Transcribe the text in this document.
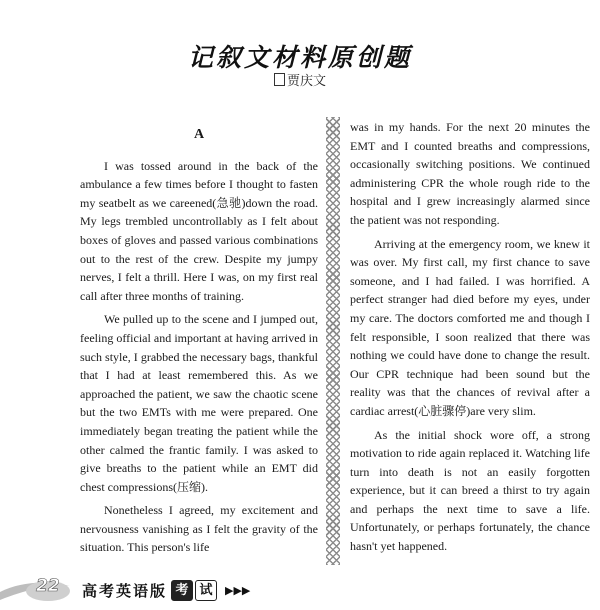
记叙文材料原创题
贾庆文
A

I was tossed around in the back of the ambulance a few times before I thought to fasten my seatbelt as we careened(急驰)down the road. My legs trembled uncontrollably as I felt about boxes of gloves and passed various combinations out to the rest of the crew. Despite my jumpy nerves, I felt a thrill. Here I was, on my first real call after three months of training.

We pulled up to the scene and I jumped out, feeling official and important at having arrived in such style, I grabbed the necessary bags, thankful that I had at least remembered this. As we approached the patient, we saw the chaotic scene but the two EMTs with me were prepared. One immediately began treating the patient while the other calmed the frantic family. I was asked to give breaths to the patient while an EMT did chest compressions(压缩).

Nonetheless I agreed, my excitement and nervousness vanishing as I felt the gravity of the situation. This person's life

was in my hands. For the next 20 minutes the EMT and I counted breaths and compressions, occasionally switching positions. We continued administering CPR the whole rough ride to the hospital and I grew increasingly alarmed since the patient was not responding.

Arriving at the emergency room, we knew it was over. My first call, my first chance to save someone, and I had failed. I was horrified. A perfect stranger had died before my eyes, under my care. The doctors comforted me and though I felt responsible, I soon realized that there was nothing we could have done to change the result. Our CPR technique had been sound but the reality was that the chances of revival after a cardiac arrest(心脏骤停)are very slim.

As the initial shock wore off, a strong motivation to ride again replaced it. Watching life turn into death is not an easily forgotten experience, but it can breed a thirst to try again and perhaps the next time to save a life. Unfortunately, or perhaps fortunately, the chance hasn't yet happened.

22 高考英语版 考 试	▶▶▶
